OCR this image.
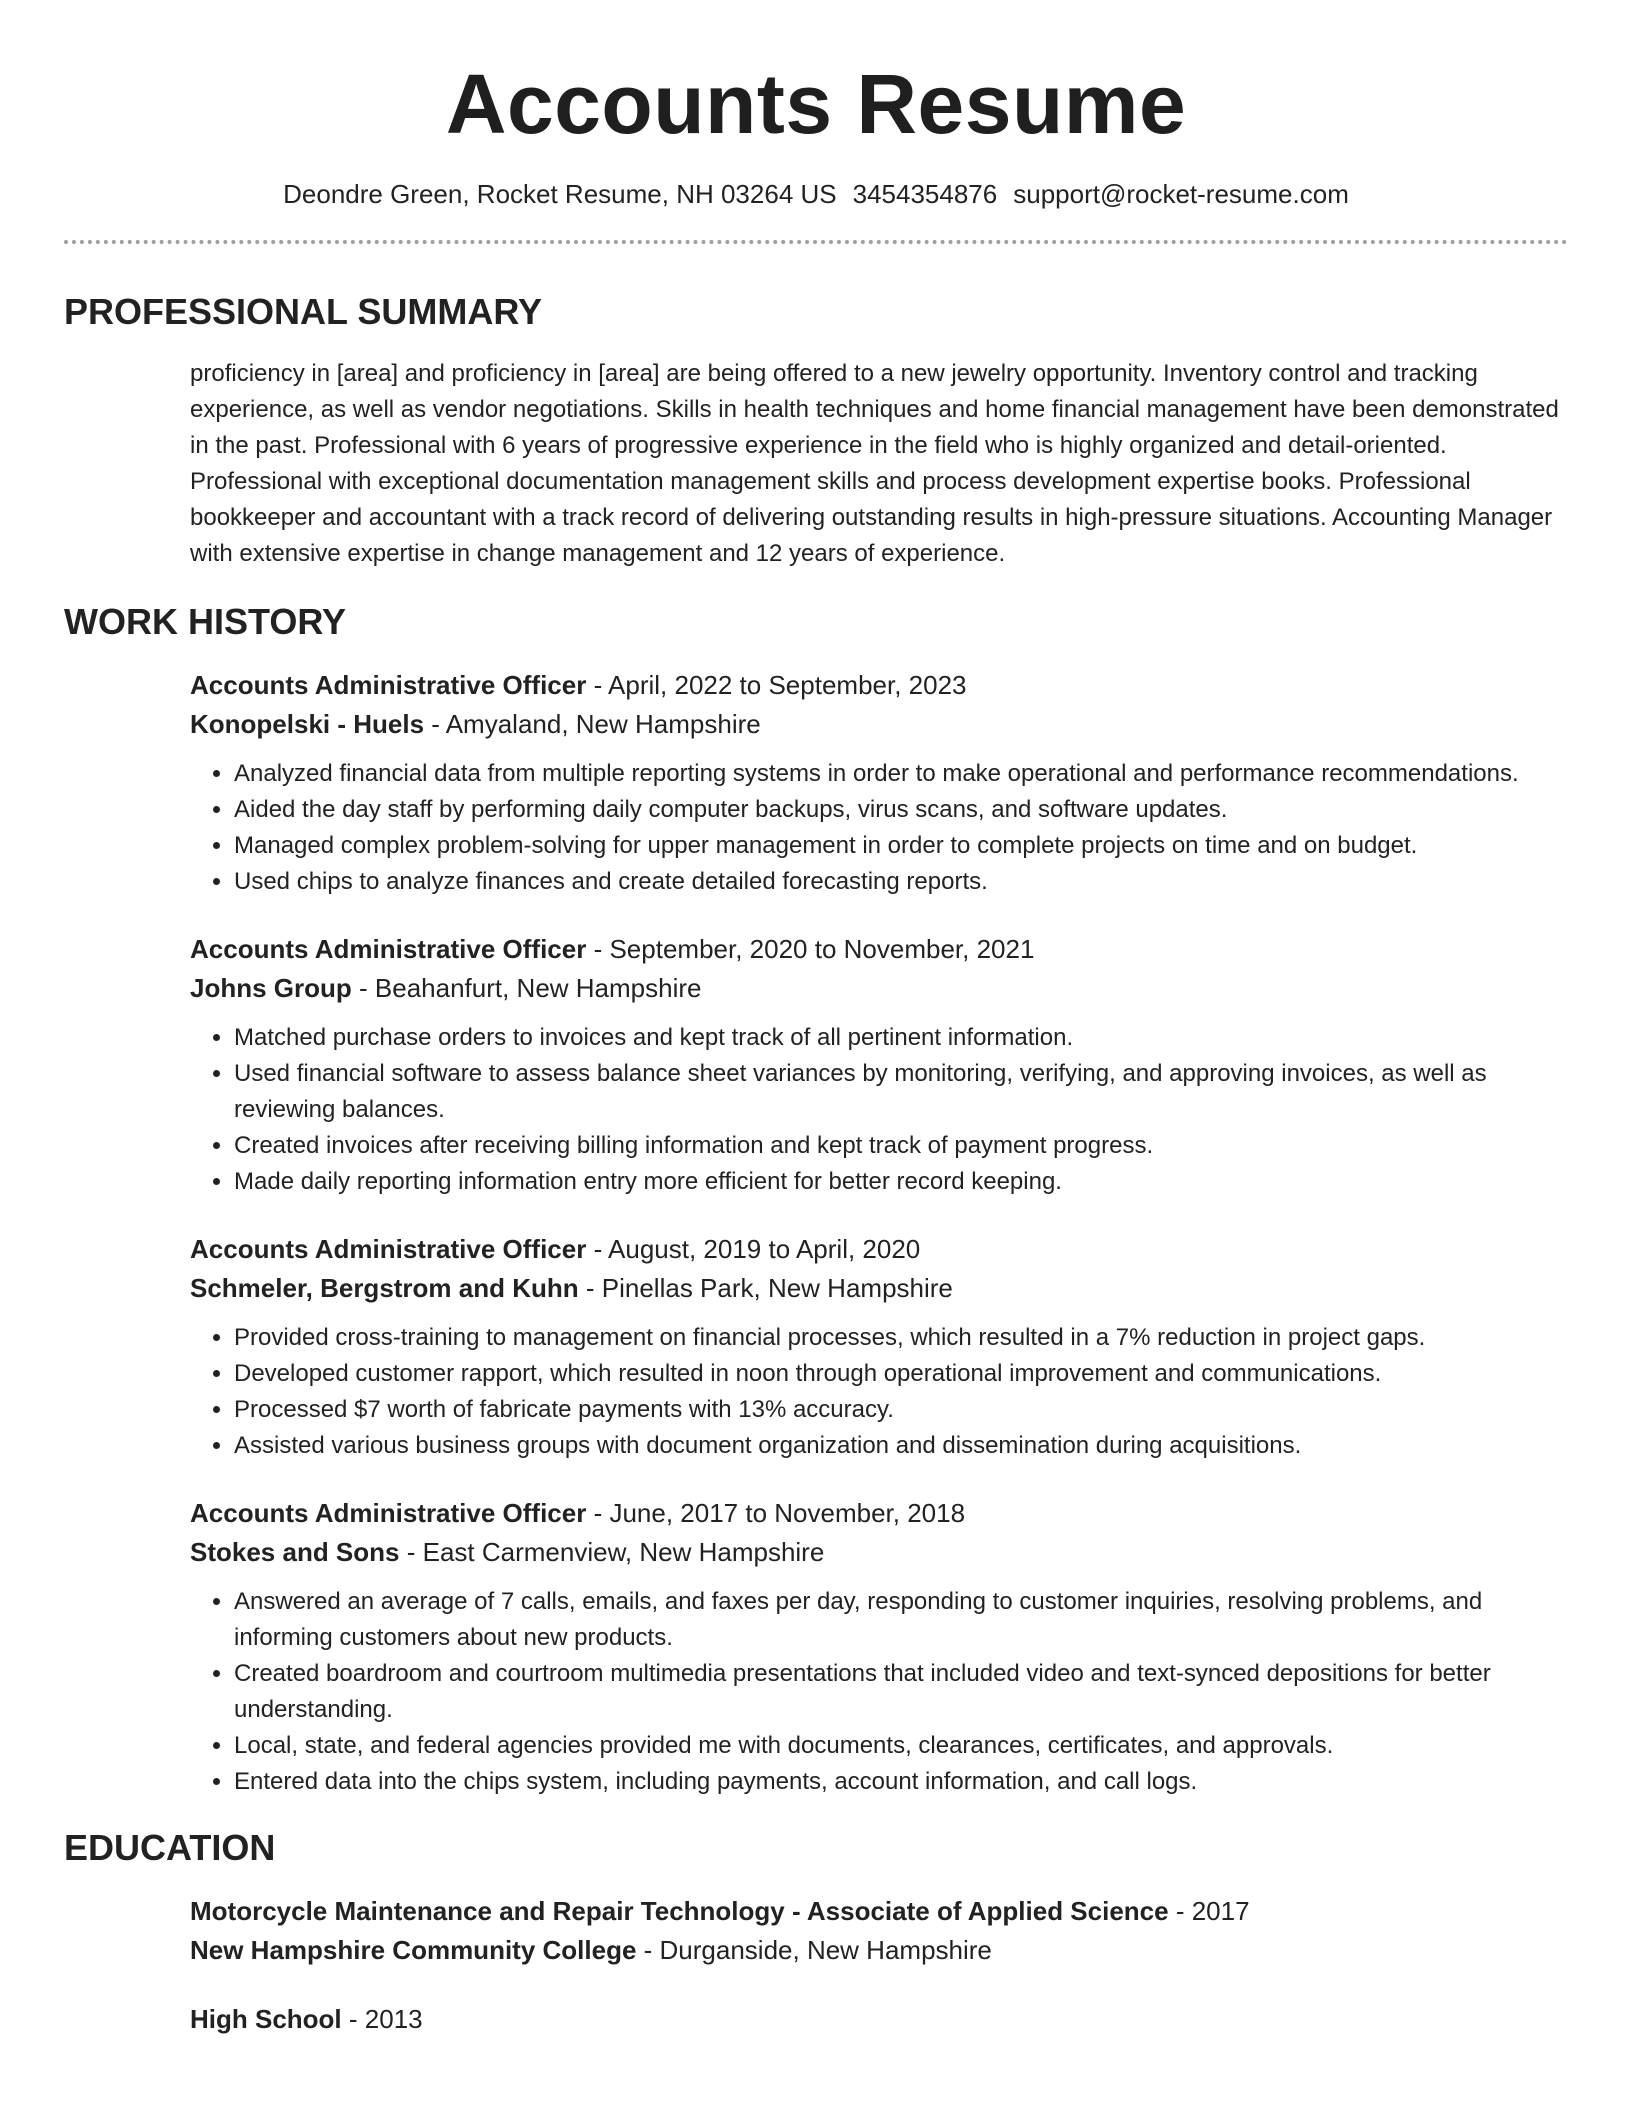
Accounts Resume
Deondre Green, Rocket Resume, NH 03264 US 3454354876 support@rocket-resume.com
PROFESSIONAL SUMMARY
proficiency in [area] and proficiency in [area] are being offered to a new jewelry opportunity. Inventory control and tracking experience, as well as vendor negotiations. Skills in health techniques and home financial management have been demonstrated in the past. Professional with 6 years of progressive experience in the field who is highly organized and detail-oriented. Professional with exceptional documentation management skills and process development expertise books. Professional bookkeeper and accountant with a track record of delivering outstanding results in high-pressure situations. Accounting Manager with extensive expertise in change management and 12 years of experience.
WORK HISTORY
Accounts Administrative Officer - April, 2022 to September, 2023
Konopelski - Huels - Amyaland, New Hampshire
• Analyzed financial data from multiple reporting systems in order to make operational and performance recommendations.
• Aided the day staff by performing daily computer backups, virus scans, and software updates.
• Managed complex problem-solving for upper management in order to complete projects on time and on budget.
• Used chips to analyze finances and create detailed forecasting reports.
Accounts Administrative Officer - September, 2020 to November, 2021
Johns Group - Beahanfurt, New Hampshire
• Matched purchase orders to invoices and kept track of all pertinent information.
• Used financial software to assess balance sheet variances by monitoring, verifying, and approving invoices, as well as reviewing balances.
• Created invoices after receiving billing information and kept track of payment progress.
• Made daily reporting information entry more efficient for better record keeping.
Accounts Administrative Officer - August, 2019 to April, 2020
Schmeler, Bergstrom and Kuhn - Pinellas Park, New Hampshire
• Provided cross-training to management on financial processes, which resulted in a 7% reduction in project gaps.
• Developed customer rapport, which resulted in noon through operational improvement and communications.
• Processed $7 worth of fabricate payments with 13% accuracy.
• Assisted various business groups with document organization and dissemination during acquisitions.
Accounts Administrative Officer - June, 2017 to November, 2018
Stokes and Sons - East Carmenview, New Hampshire
• Answered an average of 7 calls, emails, and faxes per day, responding to customer inquiries, resolving problems, and informing customers about new products.
• Created boardroom and courtroom multimedia presentations that included video and text-synced depositions for better understanding.
• Local, state, and federal agencies provided me with documents, clearances, certificates, and approvals.
• Entered data into the chips system, including payments, account information, and call logs.
EDUCATION
Motorcycle Maintenance and Repair Technology - Associate of Applied Science - 2017
New Hampshire Community College - Durganside, New Hampshire
High School - 2013
